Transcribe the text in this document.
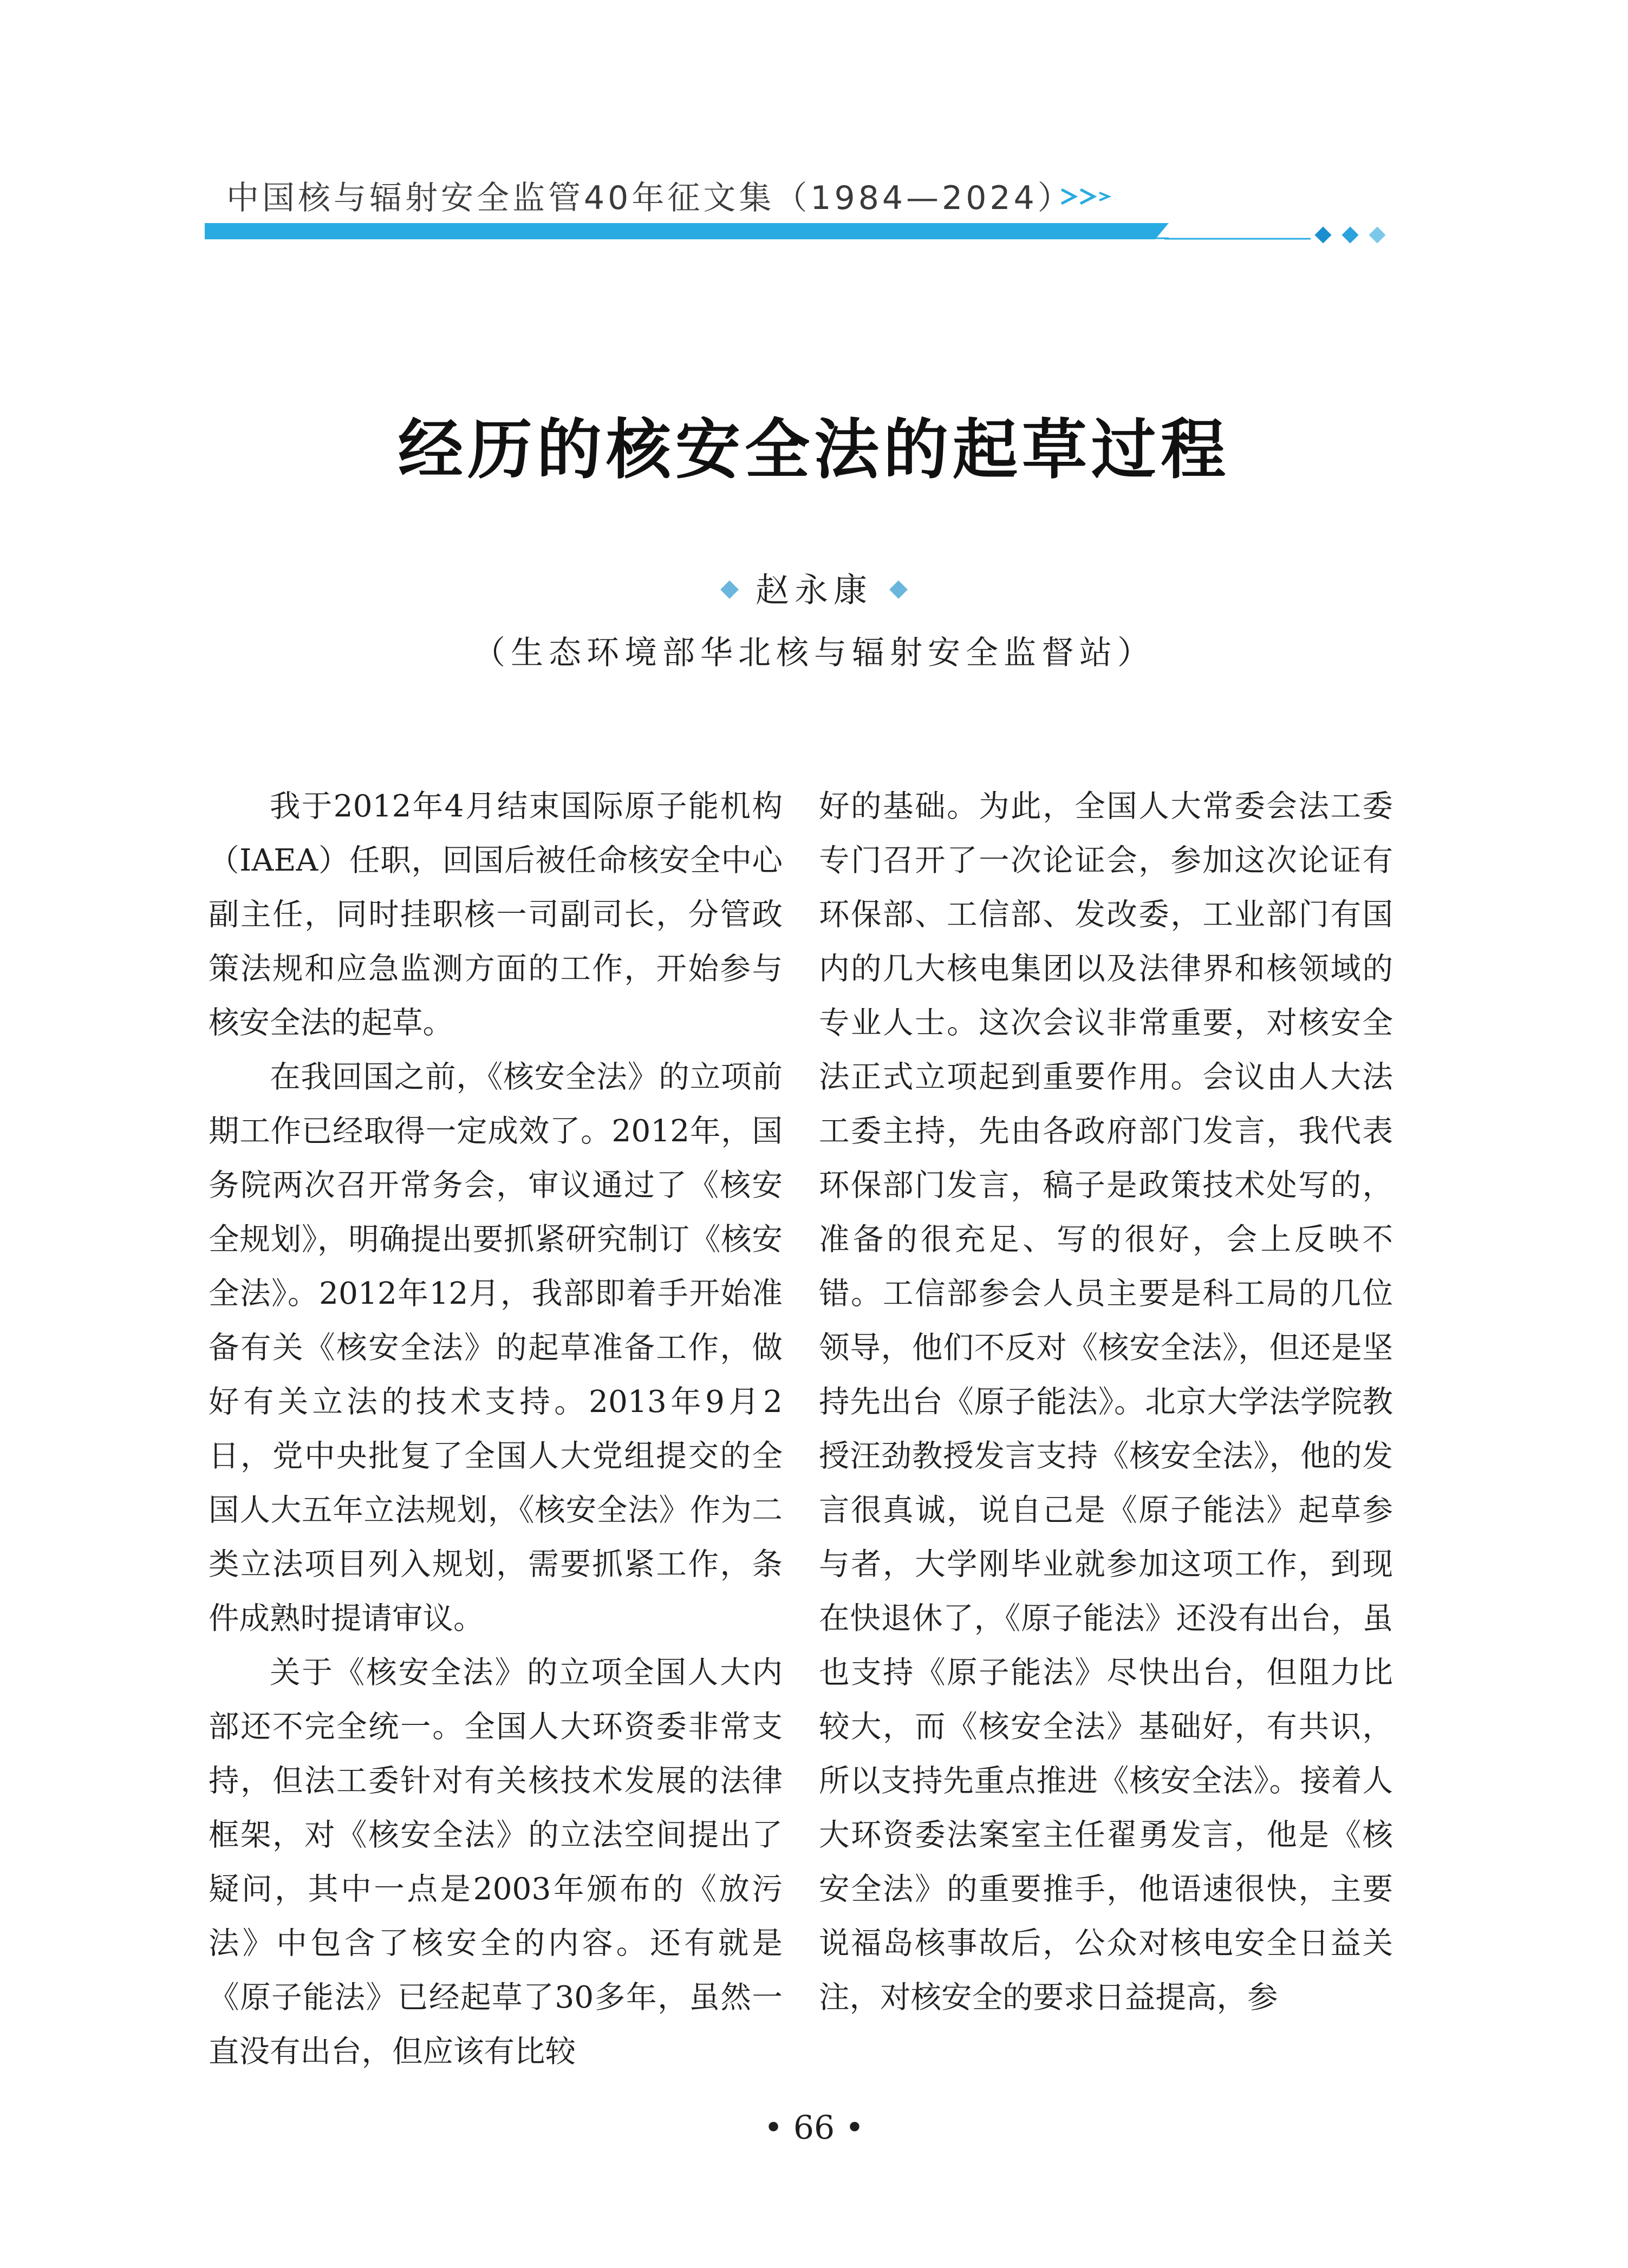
中国核与辐射安全监管40年征文集（1984—2024）
经历的核安全法的起草过程
赵永康
（生态环境部华北核与辐射安全监督站）

我于2012年4月结束国际原子能机构（IAEA）任职，回国后被任命核安全中心副主任，同时挂职核一司副司长，分管政策法规和应急监测方面的工作，开始参与核安全法的起草。

在我回国之前，《核安全法》的立项前期工作已经取得一定成效了。2012年，国务院两次召开常务会，审议通过了《核安全规划》，明确提出要抓紧研究制订《核安全法》。2012年12月，我部即着手开始准备有关《核安全法》的起草准备工作，做好有关立法的技术支持。2013年9月2日，党中央批复了全国人大党组提交的全国人大五年立法规划，《核安全法》作为二类立法项目列入规划，需要抓紧工作，条件成熟时提请审议。

关于《核安全法》的立项全国人大内部还不完全统一。全国人大环资委非常支持，但法工委针对有关核技术发展的法律框架，对《核安全法》的立法空间提出了疑问，其中一点是2003年颁布的《放污法》中包含了核安全的内容。还有就是《原子能法》已经起草了30多年，虽然一直没有出台，但应该有比较

好的基础。为此，全国人大常委会法工委专门召开了一次论证会，参加这次论证有环保部、工信部、发改委，工业部门有国内的几大核电集团以及法律界和核领域的专业人士。这次会议非常重要，对核安全法正式立项起到重要作用。会议由人大法工委主持，先由各政府部门发言，我代表环保部门发言，稿子是政策技术处写的，准备的很充足、写的很好，会上反映不错。工信部参会人员主要是科工局的几位领导，他们不反对《核安全法》，但还是坚持先出台《原子能法》。北京大学法学院教授汪劲教授发言支持《核安全法》，他的发言很真诚，说自己是《原子能法》起草参与者，大学刚毕业就参加这项工作，到现在快退休了，《原子能法》还没有出台，虽也支持《原子能法》尽快出台，但阻力比较大，而《核安全法》基础好，有共识，所以支持先重点推进《核安全法》。接着人大环资委法案室主任翟勇发言，他是《核安全法》的重要推手，他语速很快，主要说福岛核事故后，公众对核电安全日益关注，对核安全的要求日益提高，参

• 66 •
